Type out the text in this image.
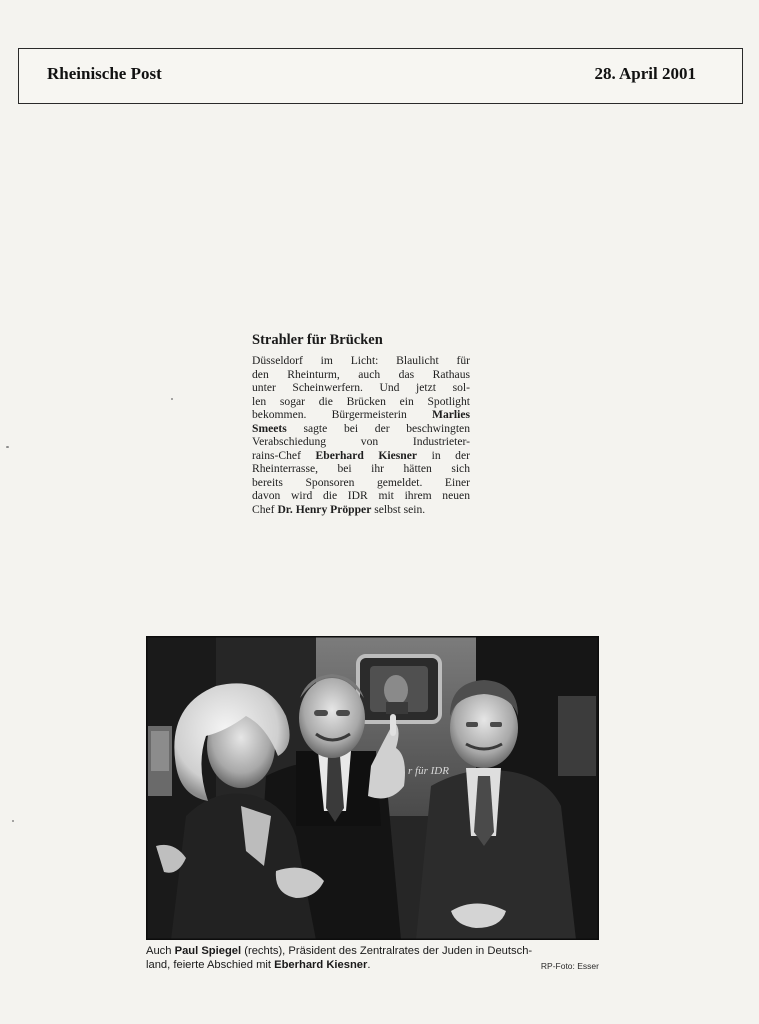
Rheinische Post	28. April 2001
Strahler für Brücken
Düsseldorf im Licht: Blaulicht für
den Rheinturm, auch das Rathaus
unter Scheinwerfern. Und jetzt sol-
len sogar die Brücken ein Spotlight
bekommen. Bürgermeisterin Marlies
Smeets sagte bei der beschwingten
Verabschiedung von Industrieter-
rains-Chef Eberhard Kiesner in der
Rheinterrasse, bei ihr hätten sich
bereits Sponsoren gemeldet. Einer
davon wird die IDR mit ihrem neuen
Chef Dr. Henry Pröpper selbst sein.
r für IDR
Auch Paul Spiegel (rechts), Präsident des Zentralrates der Juden in Deutsch-
land, feierte Abschied mit Eberhard Kiesner.	RP-Foto: Esser
